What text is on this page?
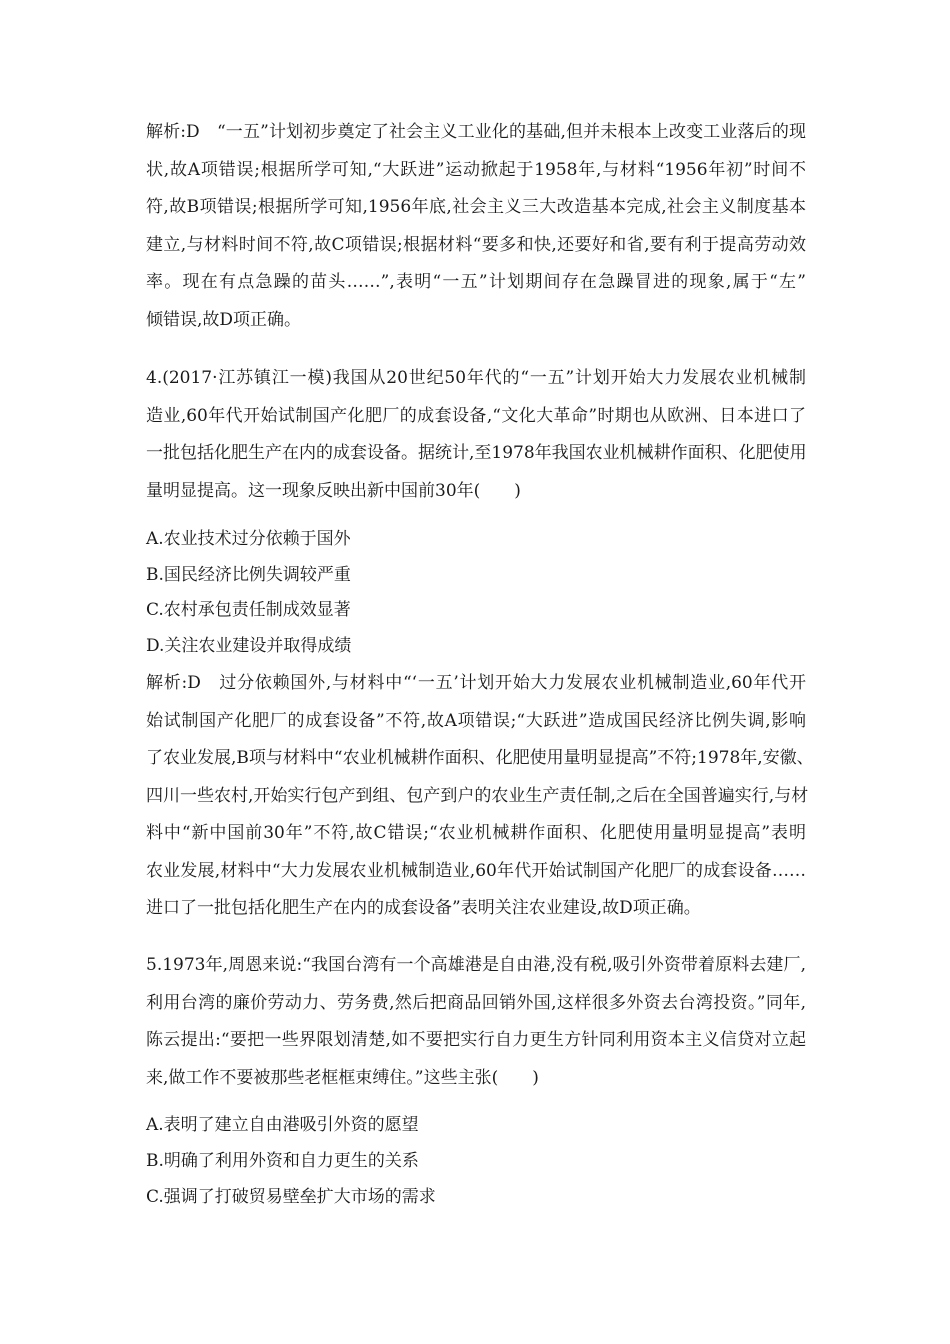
解析:D　“一五”计划初步奠定了社会主义工业化的基础,但并未根本上改变工业落后的现
状,故A项错误;根据所学可知,“大跃进”运动掀起于1958年,与材料“1956年初”时间不
符,故B项错误;根据所学可知,1956年底,社会主义三大改造基本完成,社会主义制度基本
建立,与材料时间不符,故C项错误;根据材料“要多和快,还要好和省,要有利于提高劳动效
率。现在有点急躁的苗头……”,表明“一五”计划期间存在急躁冒进的现象,属于“左”
倾错误,故D项正确。
4.(2017·江苏镇江一模)我国从20世纪50年代的“一五”计划开始大力发展农业机械制
造业,60年代开始试制国产化肥厂的成套设备,“文化大革命”时期也从欧洲、日本进口了
一批包括化肥生产在内的成套设备。据统计,至1978年我国农业机械耕作面积、化肥使用
量明显提高。这一现象反映出新中国前30年(　　)
A.农业技术过分依赖于国外
B.国民经济比例失调较严重
C.农村承包责任制成效显著
D.关注农业建设并取得成绩
解析:D　过分依赖国外,与材料中“‘一五’计划开始大力发展农业机械制造业,60年代开
始试制国产化肥厂的成套设备”不符,故A项错误;“大跃进”造成国民经济比例失调,影响
了农业发展,B项与材料中“农业机械耕作面积、化肥使用量明显提高”不符;1978年,安徽、
四川一些农村,开始实行包产到组、包产到户的农业生产责任制,之后在全国普遍实行,与材
料中“新中国前30年”不符,故C错误;“农业机械耕作面积、化肥使用量明显提高”表明
农业发展,材料中“大力发展农业机械制造业,60年代开始试制国产化肥厂的成套设备……
进口了一批包括化肥生产在内的成套设备”表明关注农业建设,故D项正确。
5.1973年,周恩来说:“我国台湾有一个高雄港是自由港,没有税,吸引外资带着原料去建厂,
利用台湾的廉价劳动力、劳务费,然后把商品回销外国,这样很多外资去台湾投资。”同年,
陈云提出:“要把一些界限划清楚,如不要把实行自力更生方针同利用资本主义信贷对立起
来,做工作不要被那些老框框束缚住。”这些主张(　　)
A.表明了建立自由港吸引外资的愿望
B.明确了利用外资和自力更生的关系
C.强调了打破贸易壁垒扩大市场的需求
